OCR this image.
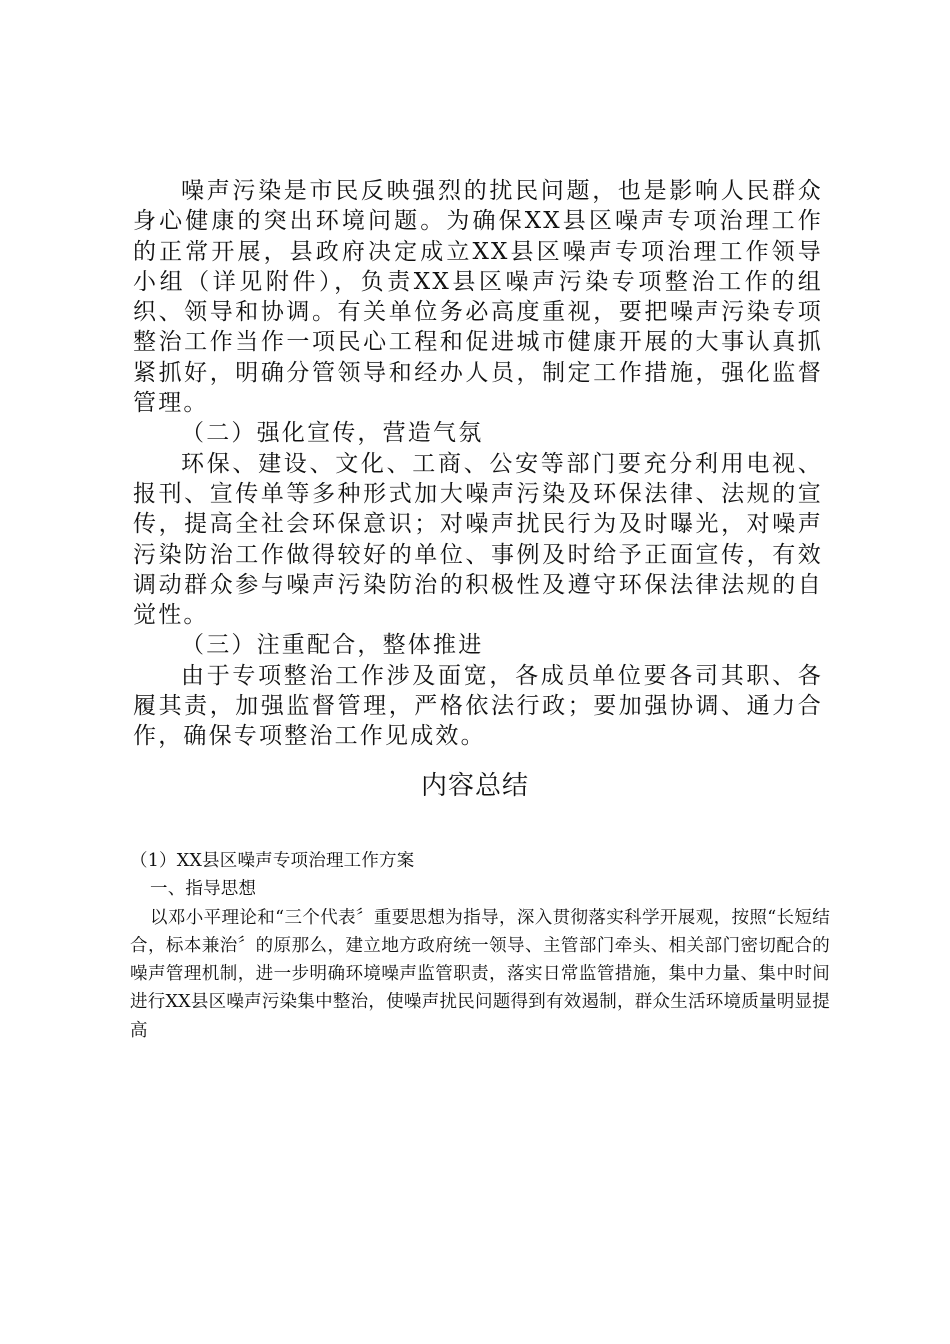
噪声污染是市民反映强烈的扰民问题，也是影响人民群众身心健康的突出环境问题。为确保XX县区噪声专项治理工作的正常开展，县政府决定成立XX县区噪声专项治理工作领导小组（详见附件），负责XX县区噪声污染专项整治工作的组织、领导和协调。有关单位务必高度重视，要把噪声污染专项整治工作当作一项民心工程和促进城市健康开展的大事认真抓紧抓好，明确分管领导和经办人员，制定工作措施，强化监督管理。

（二）强化宣传，营造气氛

环保、建设、文化、工商、公安等部门要充分利用电视、报刊、宣传单等多种形式加大噪声污染及环保法律、法规的宣传，提高全社会环保意识；对噪声扰民行为及时曝光，对噪声污染防治工作做得较好的单位、事例及时给予正面宣传，有效调动群众参与噪声污染防治的积极性及遵守环保法律法规的自觉性。

（三）注重配合，整体推进

由于专项整治工作涉及面宽，各成员单位要各司其职、各履其责，加强监督管理，严格依法行政；要加强协调、通力合作，确保专项整治工作见成效。

内容总结

（1）XX县区噪声专项治理工作方案

一、指导思想

以邓小平理论和“三个代表〞重要思想为指导，深入贯彻落实科学开展观，按照“长短结合，标本兼治〞的原那么，建立地方政府统一领导、主管部门牵头、相关部门密切配合的噪声管理机制，进一步明确环境噪声监管职责，落实日常监管措施，集中力量、集中时间进行XX县区噪声污染集中整治，使噪声扰民问题得到有效遏制，群众生活环境质量明显提高
